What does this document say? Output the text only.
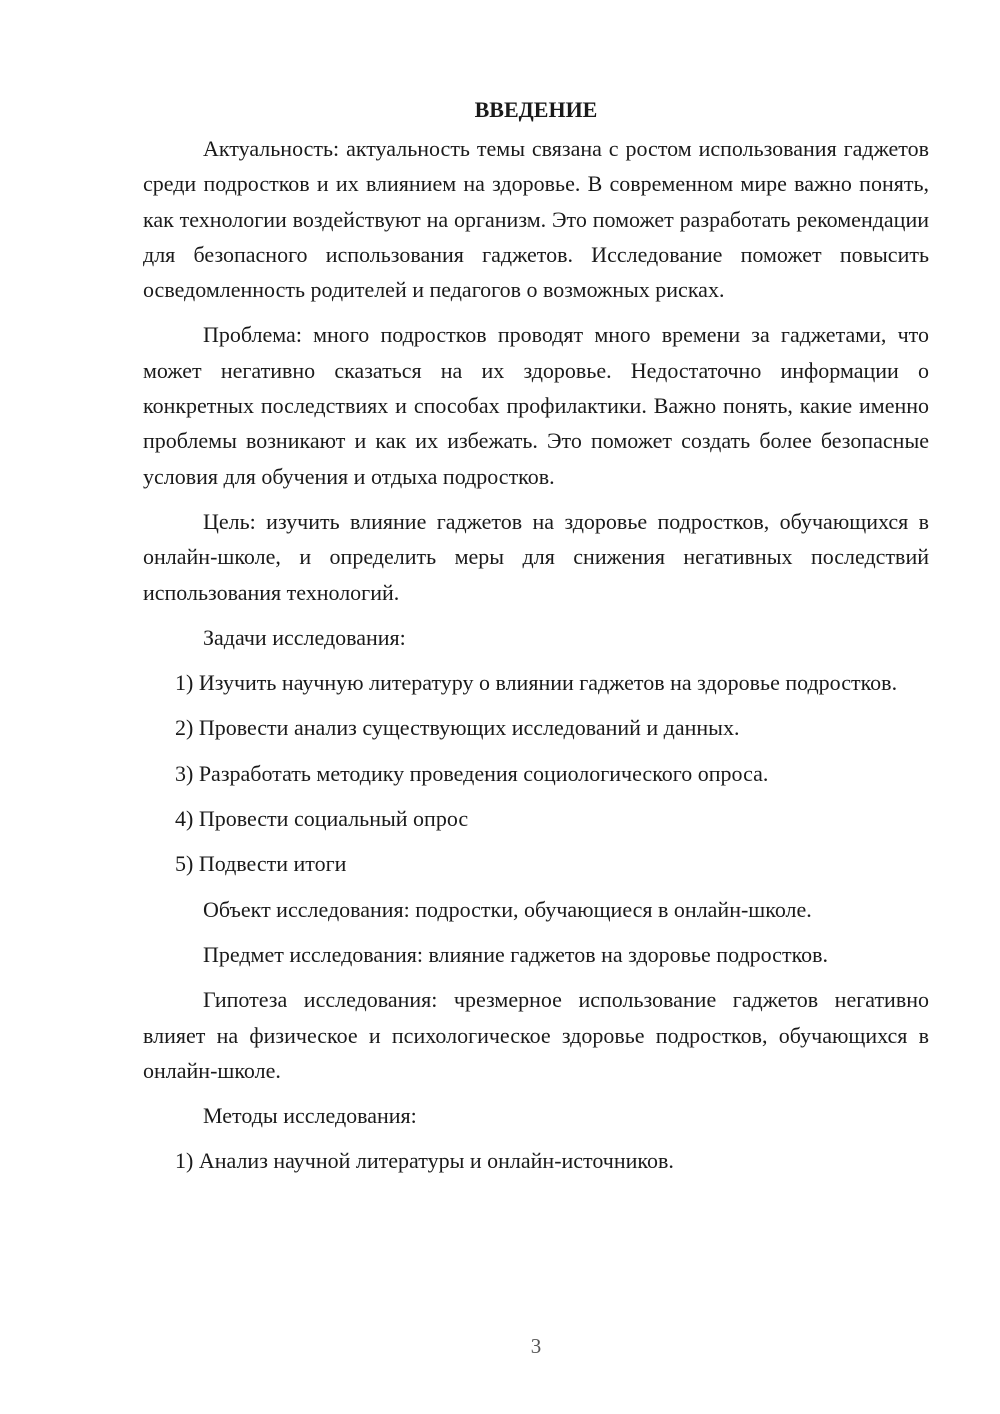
ВВЕДЕНИЕ

Актуальность: актуальность темы связана с ростом использования гаджетов среди подростков и их влиянием на здоровье. В современном мире важно понять, как технологии воздействуют на организм. Это поможет разработать рекомендации для безопасного использования гаджетов. Исследование поможет повысить осведомленность родителей и педагогов о возможных рисках.

Проблема: много подростков проводят много времени за гаджетами, что может негативно сказаться на их здоровье. Недостаточно информации о конкретных последствиях и способах профилактики. Важно понять, какие именно проблемы возникают и как их избежать. Это поможет создать более безопасные условия для обучения и отдыха подростков.

Цель: изучить влияние гаджетов на здоровье подростков, обучающихся в онлайн-школе, и определить меры для снижения негативных последствий использования технологий.

Задачи исследования:

1) Изучить научную литературу о влиянии гаджетов на здоровье подростков.

2) Провести анализ существующих исследований и данных.

3) Разработать методику проведения социологического опроса.

4) Провести социальный опрос

5) Подвести итоги

Объект исследования: подростки, обучающиеся в онлайн-школе.

Предмет исследования: влияние гаджетов на здоровье подростков.

Гипотеза исследования: чрезмерное использование гаджетов негативно влияет на физическое и психологическое здоровье подростков, обучающихся в онлайн-школе.

Методы исследования:

1) Анализ научной литературы и онлайн-источников.

3
